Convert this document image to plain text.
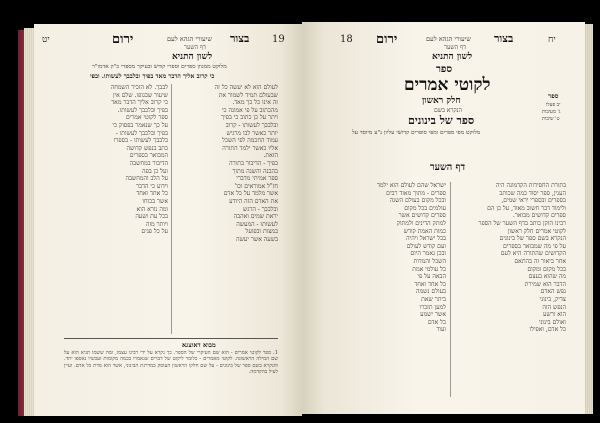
יט	ירום	שיעורי הגהא לעם בצור 19
דף השער
לשון התניא
מלוקט ממגוון ספרים וספרי קודש ובעיקר מספרי כ"ק אדמו"ר
כי קרוב אליך הדבר מאד בפיך ובלבבך לעשותו. ובפי
לעולם הוא לא יעשה כל זה
שבעולם תמיד לשמור את
זה אינו כל כך מאד.
מהכתוב על פי אמונה כי
ויתר על כן כתוב כי בפיך
ובלבבך לעשותו - קרוב
יותר כאשר לבו מרגיש
עמוד החכמה לפי השכל
אליו כאשר ילמד התורה
הזאת.
בפיך - הדיבור בתורה
בהבנה והשגה מתוך
ספר אמיתי מדברי
חז"ל אמוראים וכו'
אשר מלמד על כל אדם
את האדם הזה היודע
ובלבבך - הרגש
יראת שמים ואהבה
לעשותו - המעשה
במצות ובפועל
בשעה אשר יעשה
לבבך. לא הזכיר השמחה
שיעור שבגופו. שלם אין
כי קרוב אליך הדבר מאד
בפיך ובלבבך לעשותו.
ספר לקוטי אמרים
על כך שנאמר בפסוק כי
בפיך ובלבבך לעשותו -
בלבבך לעשותו - בספרו
כתב בנפש קדושה
המבואר בספרים
הדיבור במחשבה
ועל כן בפה
על הלב והמחשבה
וידוע כי הדבר
כל אחד ואחד
אשר בכוחו
ומה נורא הוא
בכל עת ושעה
ויותר מזה
על כל פנים
מבוא דאוצגא
1. ספר לקוטי אמרים - הוא שם העיקרי של הספר. כך נקרא על ידי רבינו עצמו, ומה ששמו תניא הוא על שם המילה הראשונה. לקוטי מאמרים - כלומר ליקוט של דברים שנאמרו בכמה מקומות ועכשיו נאספו יחד. והנקרא בשם ספר של בינונים - על שם חלקו הראשון העוסק במדרגת הבינוני, אשר הוא מדת כל אדם. ועיין לעיל בהקדמה.
18 ירום	שיעורי הגהא לעם בצור	יח
דף השער
לשון התניא
ספר
לקוטי אמרים
חלק ראשון
הנקרא בשם
ספר של בינונים
מלוקט מפי ספרים ומפי סופרים קדושי עליון נ"ע מיוסד על
ספר
יב פעלו
ג' מעיבות
ט' שיבות
דף השער
בתורת החסידות הקדמונה היה
הענין, ספר יסוד כמה שכותב
בספרים ובספרי יראי שמים,
ולימוד דבר חשוב מאוד, על כן הם
ספרים קדושים מבואר.
רבינו הזקן כותב בדף השער של הספר
לקוטי אמרים חלק ראשון
הנקרא בשם ספר של בינונים
על פי מה שמבואר בספרים
הקדושים שהתורה היא לעם
אחר ביאור זה בהתאם
בכל מקום ומקום
מה שהוא בעצם
הדבר הוא שמירת
נפש האדם
צדיק, בינוני
הנפש הזה
הוא ורשע
ואולם בינוני
כל אדם, ואפילו
ישראל שהם לעולם הוא ילמד
ספרים - מתוך מאוד רבים
ובכל מקום בעולם השנה
עולמים בכל מקום
ספרים קדושים אשר
למתק הדינים ולמתוק
כמות האמת קודש
בכל ישראל ויהיה
ועם קודש לעולם
ובכן נאמר היום
השכל והמדות
כל עולמי אמת
הבאה על פי
כל אחד ואחד
בעולם נשמה
ביתר שאת
למען תזכרו
אשר ישמע
כל אדם
ועוד
